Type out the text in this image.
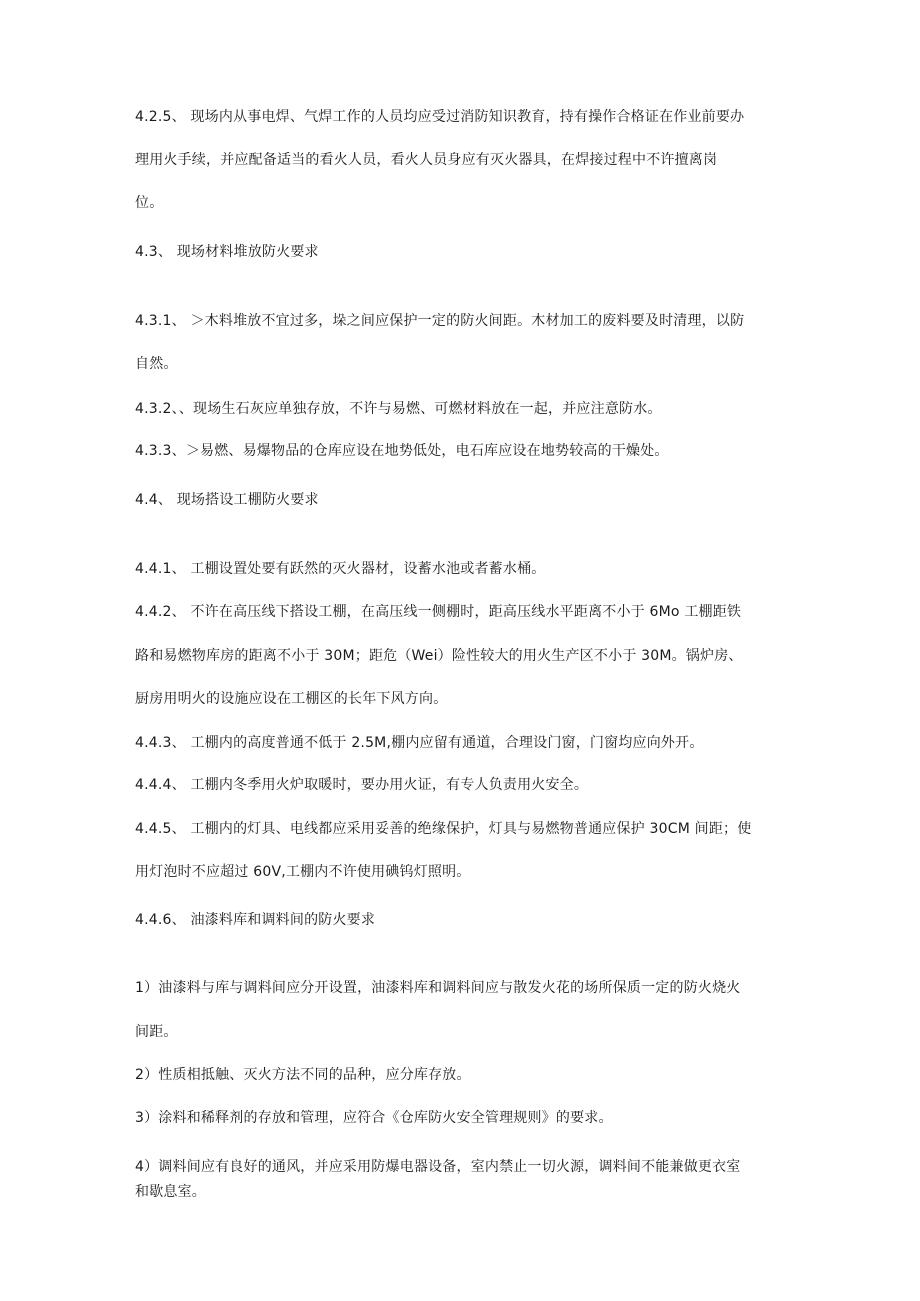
4.2.5、 现场内从事电焊、气焊工作的人员均应受过消防知识教育，持有操作合格证在作业前要办
理用火手续，并应配备适当的看火人员，看火人员身应有灭火器具，在焊接过程中不许擅离岗
位。
4.3、 现场材料堆放防火要求
4.3.1、 ＞木料堆放不宜过多，垛之间应保护一定的防火间距。木材加工的废料要及时清理，以防
自然。
4.3.2、、现场生石灰应单独存放，不许与易燃、可燃材料放在一起，并应注意防水。
4.3.3、＞易燃、易爆物品的仓库应设在地势低处，电石库应设在地势较高的干燥处。
4.4、 现场搭设工棚防火要求
4.4.1、 工棚设置处要有跃然的灭火器材，设蓄水池或者蓄水桶。
4.4.2、 不许在高压线下搭设工棚，在高压线一侧棚时，距高压线水平距离不小于 6Mo 工棚距铁
路和易燃物库房的距离不小于 30M；距危（Wei）险性较大的用火生产区不小于 30M。锅炉房、
厨房用明火的设施应设在工棚区的长年下风方向。
4.4.3、 工棚内的高度普通不低于 2.5M,棚内应留有通道，合理设门窗，门窗均应向外开。
4.4.4、 工棚内冬季用火炉取暖时，要办用火证，有专人负责用火安全。
4.4.5、 工棚内的灯具、电线都应采用妥善的绝缘保护，灯具与易燃物普通应保护 30CM 间距；使
用灯泡时不应超过 60V,工棚内不许使用碘钨灯照明。
4.4.6、 油漆料库和调料间的防火要求
1）油漆料与库与调料间应分开设置，油漆料库和调料间应与散发火花的场所保质一定的防火烧火
间距。
2）性质相抵触、灭火方法不同的品种，应分库存放。
3）涂料和稀释剂的存放和管理，应符合《仓库防火安全管理规则》的要求。
4）调料间应有良好的通风，并应采用防爆电器设备，室内禁止一切火源，调料间不能兼做更衣室
和歇息室。
